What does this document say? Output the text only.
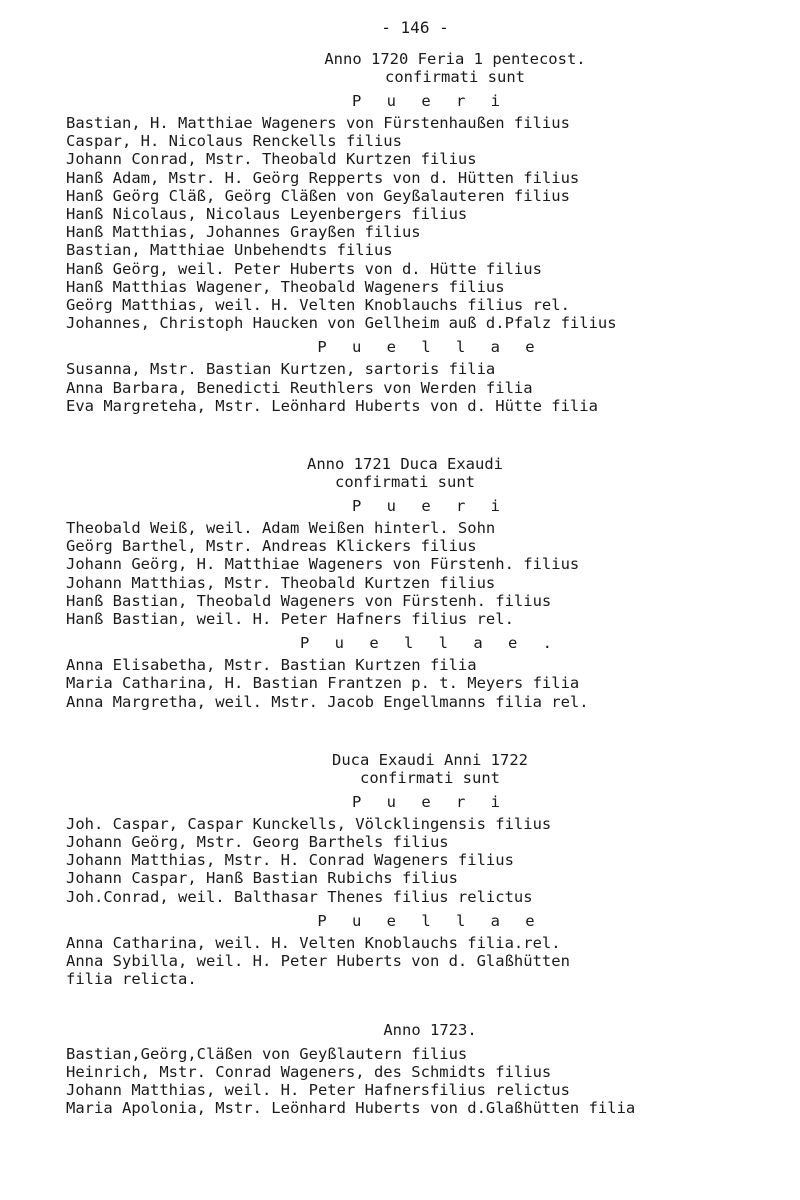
- 146 -
Anno 1720 Feria 1 pentecost.
confirmati sunt
P u e r i
Bastian, H. Matthiae Wageners von Fürstenhaußen filius
Caspar, H. Nicolaus Renckells filius
Johann Conrad, Mstr. Theobald Kurtzen filius
Hanß Adam, Mstr. H. Geörg Repperts von d. Hütten filius
Hanß Geörg Cläß, Geörg Cläßen von Geyßalauteren filius
Hanß Nicolaus, Nicolaus Leyenbergers filius
Hanß Matthias, Johannes Grayßen filius
Bastian, Matthiae Unbehendts filius
Hanß Geörg, weil. Peter Huberts von d. Hütte filius
Hanß Matthias Wagener, Theobald Wageners filius
Geörg Matthias, weil. H. Velten Knoblauchs filius rel.
Johannes, Christoph Haucken von Gellheim auß d.Pfalz filius
P u e l l a e
Susanna, Mstr. Bastian Kurtzen, sartoris filia
Anna Barbara, Benedicti Reuthlers von Werden filia
Eva Margreteha, Mstr. Leönhard Huberts von d. Hütte filia
Anno 1721 Duca Exaudi
confirmati sunt
P u e r i
Theobald Weiß, weil. Adam Weißen hinterl. Sohn
Geörg Barthel, Mstr. Andreas Klickers filius
Johann Geörg, H. Matthiae Wageners von Fürstenh. filius
Johann Matthias, Mstr. Theobald Kurtzen filius
Hanß Bastian, Theobald Wageners von Fürstenh. filius
Hanß Bastian, weil. H. Peter Hafners filius rel.
P u e l l a e .
Anna Elisabetha, Mstr. Bastian Kurtzen filia
Maria Catharina, H. Bastian Frantzen p. t. Meyers filia
Anna Margretha, weil. Mstr. Jacob Engellmanns filia rel.
Duca Exaudi Anni 1722
confirmati sunt
P u e r i
Joh. Caspar, Caspar Kunckells, Völcklingensis filius
Johann Geörg, Mstr. Georg Barthels filius
Johann Matthias, Mstr. H. Conrad Wageners filius
Johann Caspar, Hanß Bastian Rubichs filius
Joh.Conrad, weil. Balthasar Thenes filius relictus
P u e l l a e
Anna Catharina, weil. H. Velten Knoblauchs filia.rel.
Anna Sybilla, weil. H. Peter Huberts von d. Glaßhütten
filia relicta.
Anno 1723.
Bastian,Geörg,Cläßen von Geyßlautern filius
Heinrich, Mstr. Conrad Wageners, des Schmidts filius
Johann Matthias, weil. H. Peter Hafnersfilius relictus
Maria Apolonia, Mstr. Leönhard Huberts von d.Glaßhütten filia
